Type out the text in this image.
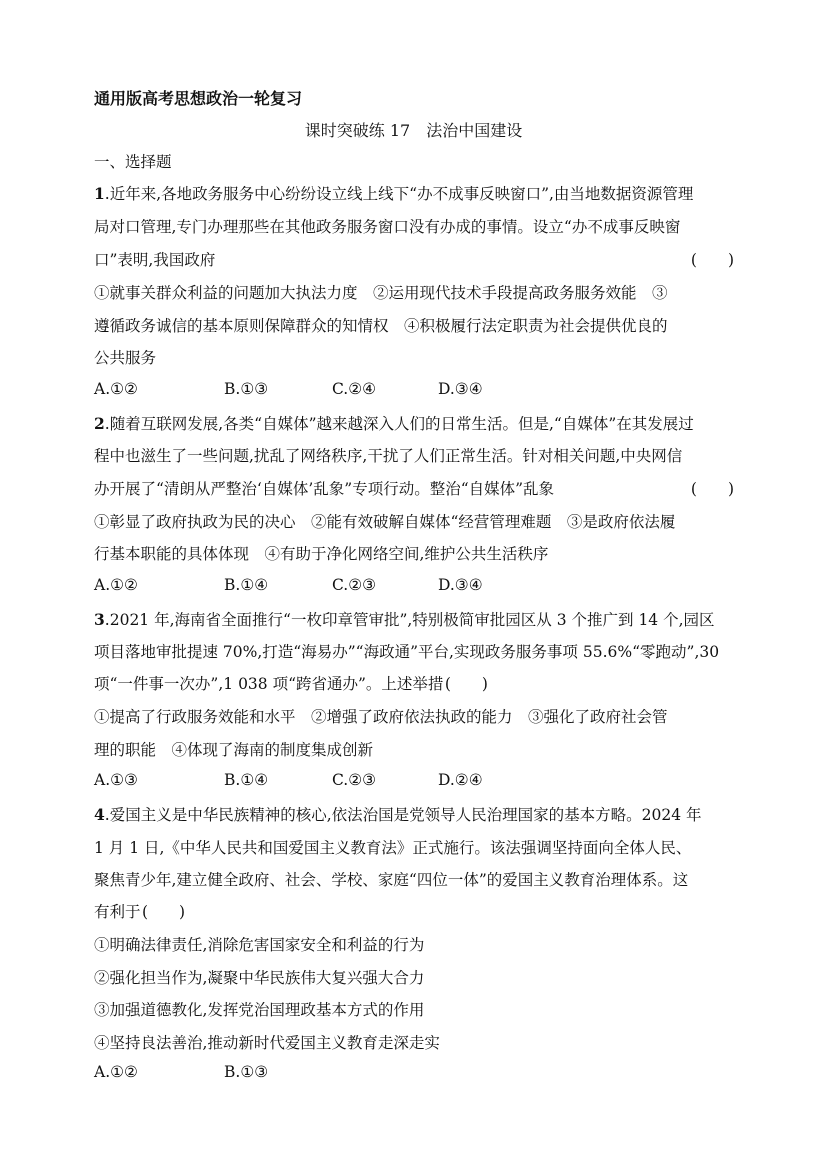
通用版高考思想政治一轮复习
课时突破练 17　法治中国建设
一、选择题
1.近年来,各地政务服务中心纷纷设立线上线下“办不成事反映窗口”,由当地数据资源管理
局对口管理,专门办理那些在其他政务服务窗口没有办成的事情。设立“办不成事反映窗
口”表明,我国政府	(　　)
①就事关群众利益的问题加大执法力度　②运用现代技术手段提高政务服务效能　③
遵循政务诚信的基本原则保障群众的知情权　④积极履行法定职责为社会提供优良的
公共服务
A.①②	B.①③	C.②④	D.③④
2.随着互联网发展,各类“自媒体”越来越深入人们的日常生活。但是,“自媒体”在其发展过
程中也滋生了一些问题,扰乱了网络秩序,干扰了人们正常生活。针对相关问题,中央网信
办开展了“清朗从严整治‘自媒体’乱象”专项行动。整治“自媒体”乱象	(　　)
①彰显了政府执政为民的决心　②能有效破解自媒体“经营管理难题　③是政府依法履
行基本职能的具体体现　④有助于净化网络空间,维护公共生活秩序
A.①②	B.①④	C.②③	D.③④
3.2021 年,海南省全面推行“一枚印章管审批”,特别极简审批园区从 3 个推广到 14 个,园区
项目落地审批提速 70%,打造“海易办”“海政通”平台,实现政务服务事项 55.6%“零跑动”,30
项“一件事一次办”,1 038 项“跨省通办”。上述举措(　　)
①提高了行政服务效能和水平　②增强了政府依法执政的能力　③强化了政府社会管
理的职能　④体现了海南的制度集成创新
A.①③	B.①④	C.②③	D.②④
4.爱国主义是中华民族精神的核心,依法治国是党领导人民治理国家的基本方略。2024 年
1 月 1 日,《中华人民共和国爱国主义教育法》正式施行。该法强调坚持面向全体人民、
聚焦青少年,建立健全政府、社会、学校、家庭“四位一体”的爱国主义教育治理体系。这
有利于(　　)
①明确法律责任,消除危害国家安全和利益的行为
②强化担当作为,凝聚中华民族伟大复兴强大合力
③加强道德教化,发挥党治国理政基本方式的作用
④坚持良法善治,推动新时代爱国主义教育走深走实
A.①②	B.①③
